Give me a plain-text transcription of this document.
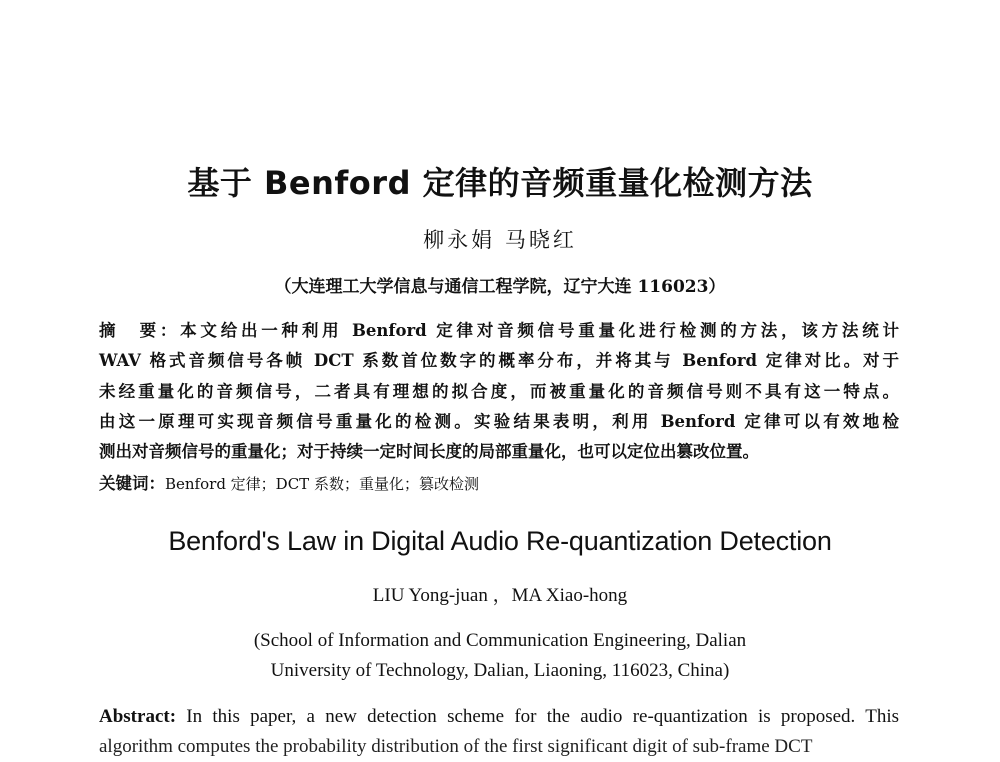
基于 Benford 定律的音频重量化检测方法
柳永娟 马晓红
（大连理工大学信息与通信工程学院，辽宁大连 116023）
摘　要：本文给出一种利用 Benford 定律对音频信号重量化进行检测的方法，该方法统计
WAV 格式音频信号各帧 DCT 系数首位数字的概率分布，并将其与 Benford 定律对比。对于
未经重量化的音频信号，二者具有理想的拟合度，而被重量化的音频信号则不具有这一特点。
由这一原理可实现音频信号重量化的检测。实验结果表明，利用 Benford 定律可以有效地检
测出对音频信号的重量化；对于持续一定时间长度的局部重量化，也可以定位出篡改位置。
关键词：Benford 定律；DCT 系数；重量化；篡改检测
Benford's Law in Digital Audio Re-quantization Detection
LIU Yong-juan ，MA Xiao-hong
(School of Information and Communication Engineering, Dalian
University of Technology, Dalian, Liaoning, 116023, China)
Abstract: In this paper, a new detection scheme for the audio re-quantization is proposed. This
algorithm computes the probability distribution of the first significant digit of sub-frame DCT
